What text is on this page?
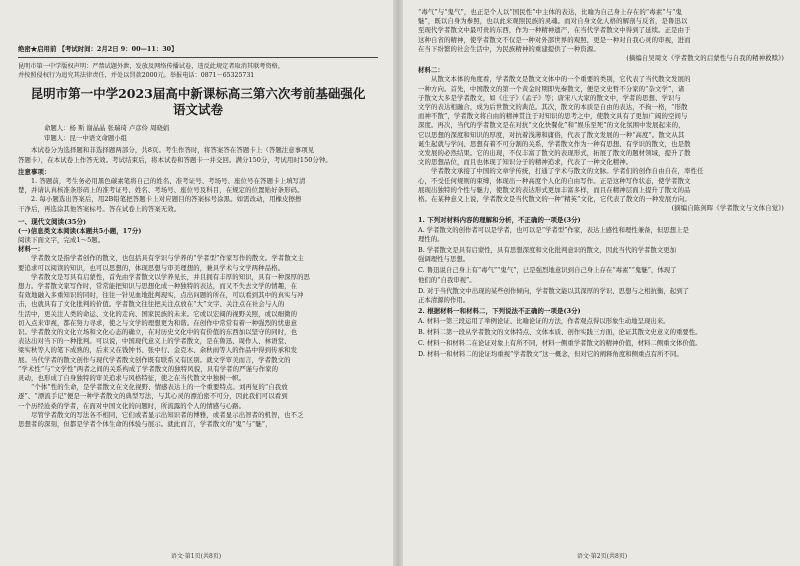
绝密★启用前 【考试时间：2月2日 9：00—11：30】

昆明市第一中学版权声明：严禁试题外泄，发放及网络传播试卷，违反此规定者取消其联考资格，

并按照侵权行为追究其法律责任，并处以罚款2000元。举报电话：0871－65325731

昆明市第一中学2023届高中新课标高三第六次考前基础强化

语文试卷

命题人：杨 斯 谢晶晶 张瑞琦 卢彦伶 周晓娟

审题人：昆一中语文命题小组

本试卷分为选择题和非选择题两部分，共8页。考生作答时，将答案答在答题卡上（答题注意事项见

答题卡），在本试卷上作答无效。考试结束后，将本试卷和答题卡一并交回。满分150分，考试用时150分钟。

注意事项：

1. 答题前，考生务必用黑色碳素笔将自己的姓名、准考证号、考场号、座位号在答题卡上填写清

楚，并请认真核准条形码上的准考证号、姓名、考场号、座位号及科目，在规定的位置贴好条形码。

2. 每小题选出答案后，用2B铅笔把答题卡上对应题目的答案标号涂黑。如需改动，用橡皮擦擦

干净后，再选涂其他答案标号。答在试卷上的答案无效。

一、现代文阅读(35分)

(一)信息类文本阅读(本题共5小题，17分)

阅读下面文字，完成1～5题。

材料一：

学者散文是指学者创作的散文，也包括具有学识与学养的“学者型”作家写作的散文。学者散文主

要追求可以阅读的知识，也可以思想的，体现思想与审美理想的，兼具学术与文学两种品格。

学者散文是写具有启蒙性，首先由学者散文以学养见长，并且拥有丰厚的知识，具有一种深厚的思

想力。学者散文家写作时，常常能把知识与思想化成一种独特的表达，而又不失去文学的情趣，在

有效地融入多重知识的同时，往往一针见血地批判现实，点出问题的所在，可以看到其中的真实与冲

击，也就具有了文化批判的价值。学者散文往往把关注点放在“大”文字、关注点在社会与人的

生活中，更关注人类的命运、文化的走向、国家民族的未来。它或以宏阔的视野关照，或以细微的

切入点来审视，都在努力寻求，使之与文学的理想更为和谐。在创作中常常有着一种强烈的忧患意

识。学者散文的文化立场和文化心态的确立，在对历史文化中的有价值的东西加以坚守的同时，也

表达出对当下的一种批判。可以说，中国现代意义上的学者散文，是在鲁迅、周作人、林语堂、

梁实秋等人的笔下成熟的，后来又在钱钟书、张中行、金克木、余秋雨等人的作品中得到传承和发

展。当代学者的散文创作与现代学者散文创作既有联系又有区别。就文学审美而言，学者散文的

“学术性”与“文学性”两者之间的关系构成了学者散文的独特风貌，具有学者的严谨与作家的

灵动，也形成了自身独特的审美追求与风格特征，使之在当代散文中独树一帜。

“个体”性的生命，是学者散文在文化视野、情感表达上的一个重要特点。刘再复的“自我放

逐”、“漂流手记”便是一种学者散文的典型写法，与其心灵的漂泊密不可分，因此我们可以看到

一个历经沧桑的学者，在面对中国文化的问题时，所流露的个人的情感与心路。

尽管学者散文的写法各不相同，它们或者显示出知识者的博雅，或者显示出智者的机智，也不乏

思想者的深刻，但都是学者个体生命的体验与展示。就此而言，学者散文的“鬼”与“魅”，

语文·第1页(共8页)

“毒气”与“鬼气”，也正是个人以“国民性”中主体的表达，比喻为自己身上存在的“毒素”与“鬼

魅”，既以自身为参照，也以此来观照民族的灵魂。而对自身文化人格的解剖与反省，是鲁迅以

至现代学者散文中最可贵的东西，作为一种精神遗产，在当代学者散文中得到了延续。正是由于

这种自省的精神，使学者散文不仅是一种对外部世界的观照，更是一种对自我心灵的审视，进而

在当下纷繁的社会生活中，为民族精神的重建提供了一种资源。

(摘编自吴周文《学者散文的启蒙性与自我的精神救赎》)

材料二：

从散文本体的角度看，学者散文是散文文体中的一个重要的类别，它代表了当代散文发展的

一种方向。首先，中国散文的第一个黄金时期即先秦散文，便是文史哲不分家的“杂文学”，诸

子散文大多是学者散文，如《庄子》《孟子》等；唐宋八大家的散文中，学者的思想、学识与

文学的表达相融合，成为后世散文的典范。其次，散文的本质是自由的表达，不拘一格，“形散

而神不散”，学者散文将自由的精神贯注于对知识的思考之中，使散文具有了更加广阔的空间与

深度。再次，当代的学者散文是在对抗“文化快餐化”和“娱乐至死”的文化氛围中发展起来的，

它以思想的深度和知识的厚度，对抗着浅薄和庸俗，代表了散文发展的一种“高度”。散文从其

诞生起就与学问、思想有着不可分割的关系，学者散文作为一种有思想、有学识的散文，也是散

文发展的必然结果。它的出现，不仅丰富了散文的表现形式，拓展了散文的题材领域，提升了散

文的思想品位，而且也体现了知识分子的精神追求，代表了一种文化精神。

学者散文承接了中国的文章学传统，打通了学术与散文的文脉。学者们的创作自由自在，率性任

心，不受任何规则的束缚，体现出一种高度个人化的自由写作。正是这种写作状态，使学者散文

展现出独特的个性与魅力，使散文的表达形式更加丰富多样，而且在精神层面上提升了散文的品

格。在某种意义上说，学者散文是当代散文的一种“精英”文化，它代表了散文的一种发展方向。

(摘编自陈剑晖《学者散文与文体自觉》)

1. 下列对材料内容的理解和分析，不正确的一项是(3分)

A. 学者散文的创作者可以是学者，也可以是“学者型”作家，表达上感性和理性兼备，但思想上是

理性的。

B. 学者散文是具有启蒙性，具有思想深度和文化批判意识的散文，因此当代的学者散文更加

强调理性与思想。

C. 鲁迅说自己身上有“毒气”“鬼气”，已是强烈地意识到自己身上存在“毒素”“鬼魅”，体现了

他们的“自我审视”。

D. 对于当代散文中出现的某些创作倾向，学者散文能以其深厚的学识、思想与之相抗衡，起到了

正本清源的作用。

2. 根据材料一和材料二，下列说法不正确的一项是(3分)

A. 材料一第三段运用了举例论证、比喻论证的方法，作者观点得以形象生动地呈现出来。

B. 材料二第一段从学者散文的文体特点、文体本质、创作实践三方面，论证其散文史意义的重要性。

C. 材料一和材料二在论证对象上有所不同，材料一侧重学者散文的精神价值，材料二侧重文体价值。

D. 材料一和材料二的论证均重视“学者散文”这一概念，但对它的阐释角度和侧重点有所不同。

语文·第2页(共8页)
